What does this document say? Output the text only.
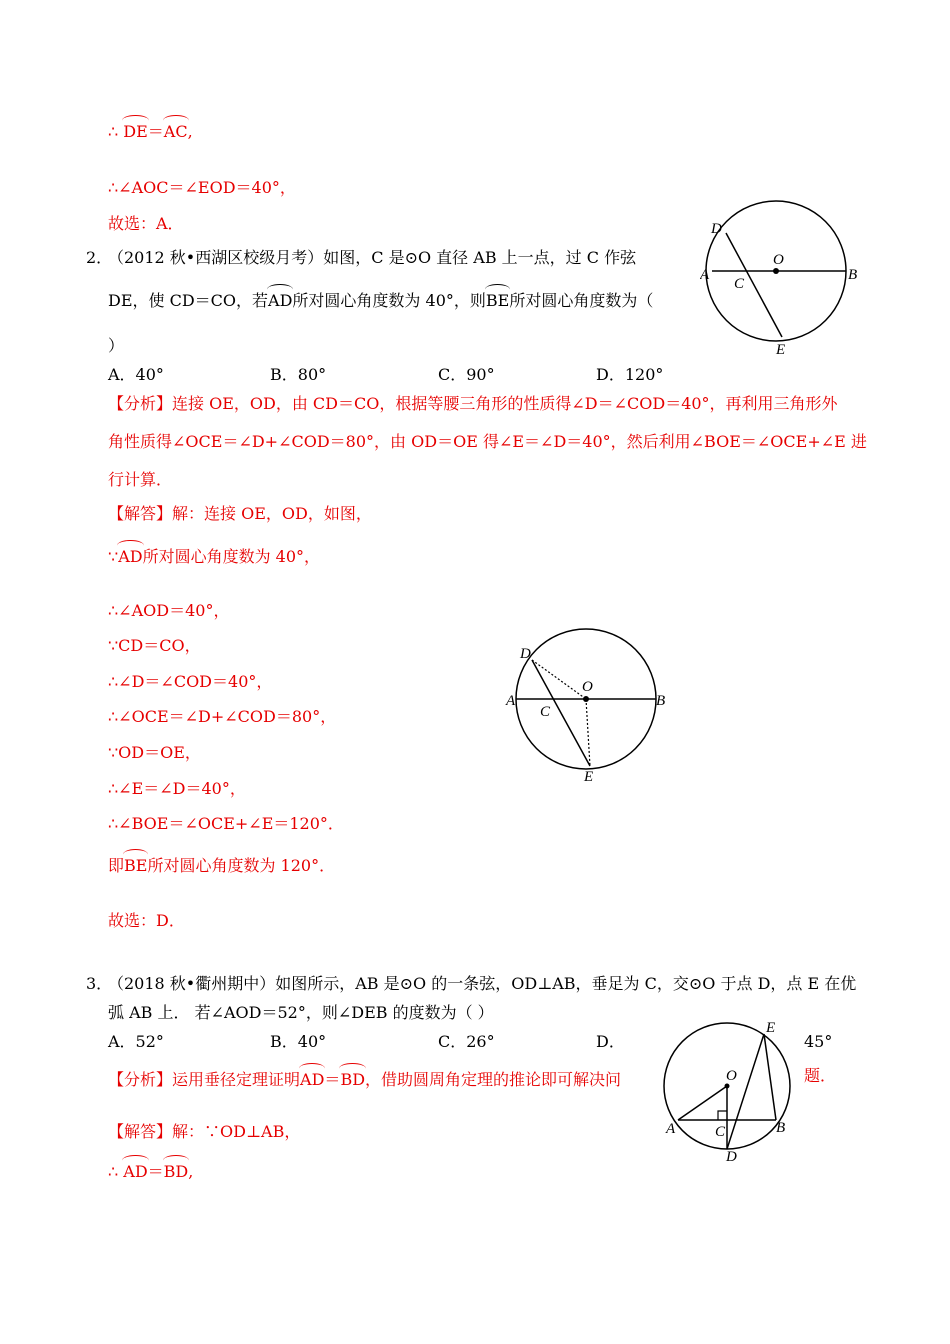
∴ DE＝AC,
∴∠AOC＝∠EOD＝40°，
故选：A．
2．
（2012 秋•西湖区校级月考）如图，C 是⊙O 直径 AB 上一点，过 C 作弦
DE，使 CD＝CO，若AD所对圆心角度数为 40°，则BE所对圆心角度数为（
）
A．40°	B．80°	C．90°	D．120°
【分析】连接 OE，OD，由 CD＝CO，根据等腰三角形的性质得∠D＝∠COD＝40°，再利用三角形外
角性质得∠OCE＝∠D+∠COD＝80°，由 OD＝OE 得∠E＝∠D＝40°，然后利用∠BOE＝∠OCE+∠E 进
行计算．
【解答】解：连接 OE，OD，如图，
∵AD所对圆心角度数为 40°，
∴∠AOD＝40°，
∵CD＝CO，
∴∠D＝∠COD＝40°，
∴∠OCE＝∠D+∠COD＝80°，
∵OD＝OE，
∴∠E＝∠D＝40°，
∴∠BOE＝∠OCE+∠E＝120°．
即BE所对圆心角度数为 120°．
故选：D．
D
O
A
C
B
E
D
O
A
C
B
E
3．
（2018 秋•衢州期中）如图所示，AB 是⊙O 的一条弦，OD⊥AB，垂足为 C，交⊙O 于点 D，点 E 在优
弧 AB 上． 若∠AOD＝52°，则∠DEB 的度数为（ ）
A．52°	B．40°	C．26°	D．	45°
【分析】运用垂径定理证明AD＝BD，借助圆周角定理的推论即可解决问	题．
【解答】解：∵OD⊥AB，
∴ AD＝BD,
E
O
A	C	B
D
